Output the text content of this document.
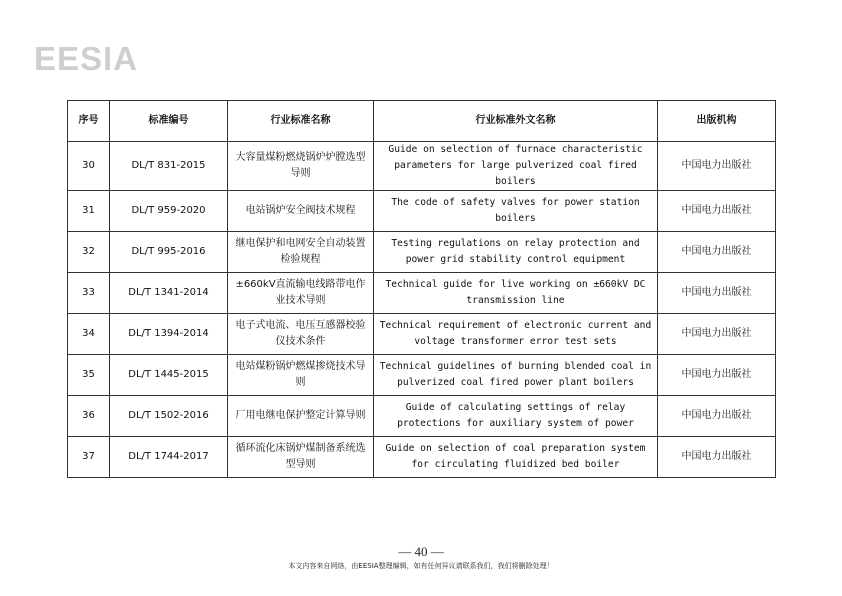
EESIA
序号	标准编号	行业标准名称	行业标准外文名称	出版机构
30	DL/T 831-2015	大容量煤粉燃烧锅炉炉膛选型导则	Guide on selection of furnace characteristic parameters for large pulverized coal fired boilers	中国电力出版社
31	DL/T 959-2020	电站锅炉安全阀技术规程	The code of safety valves for power station boilers	中国电力出版社
32	DL/T 995-2016	继电保护和电网安全自动装置检验规程	Testing regulations on relay protection and power grid stability control equipment	中国电力出版社
33	DL/T 1341-2014	±660kV直流输电线路带电作业技术导则	Technical guide for live working on ±660kV DC transmission line	中国电力出版社
34	DL/T 1394-2014	电子式电流、电压互感器校验仪技术条件	Technical requirement of electronic current and voltage transformer error test sets	中国电力出版社
35	DL/T 1445-2015	电站煤粉锅炉燃煤掺烧技术导则	Technical guidelines of burning blended coal in pulverized coal fired power plant boilers	中国电力出版社
36	DL/T 1502-2016	厂用电继电保护整定计算导则	Guide of calculating settings of relay protections for auxiliary system of power	中国电力出版社
37	DL/T 1744-2017	循环流化床锅炉煤制备系统选型导则	Guide on selection of coal preparation system for circulating fluidized bed boiler	中国电力出版社
— 40 —
本文内容来自网络，由EESIA整理编辑，如有任何异议请联系我们，我们将删除处理！
